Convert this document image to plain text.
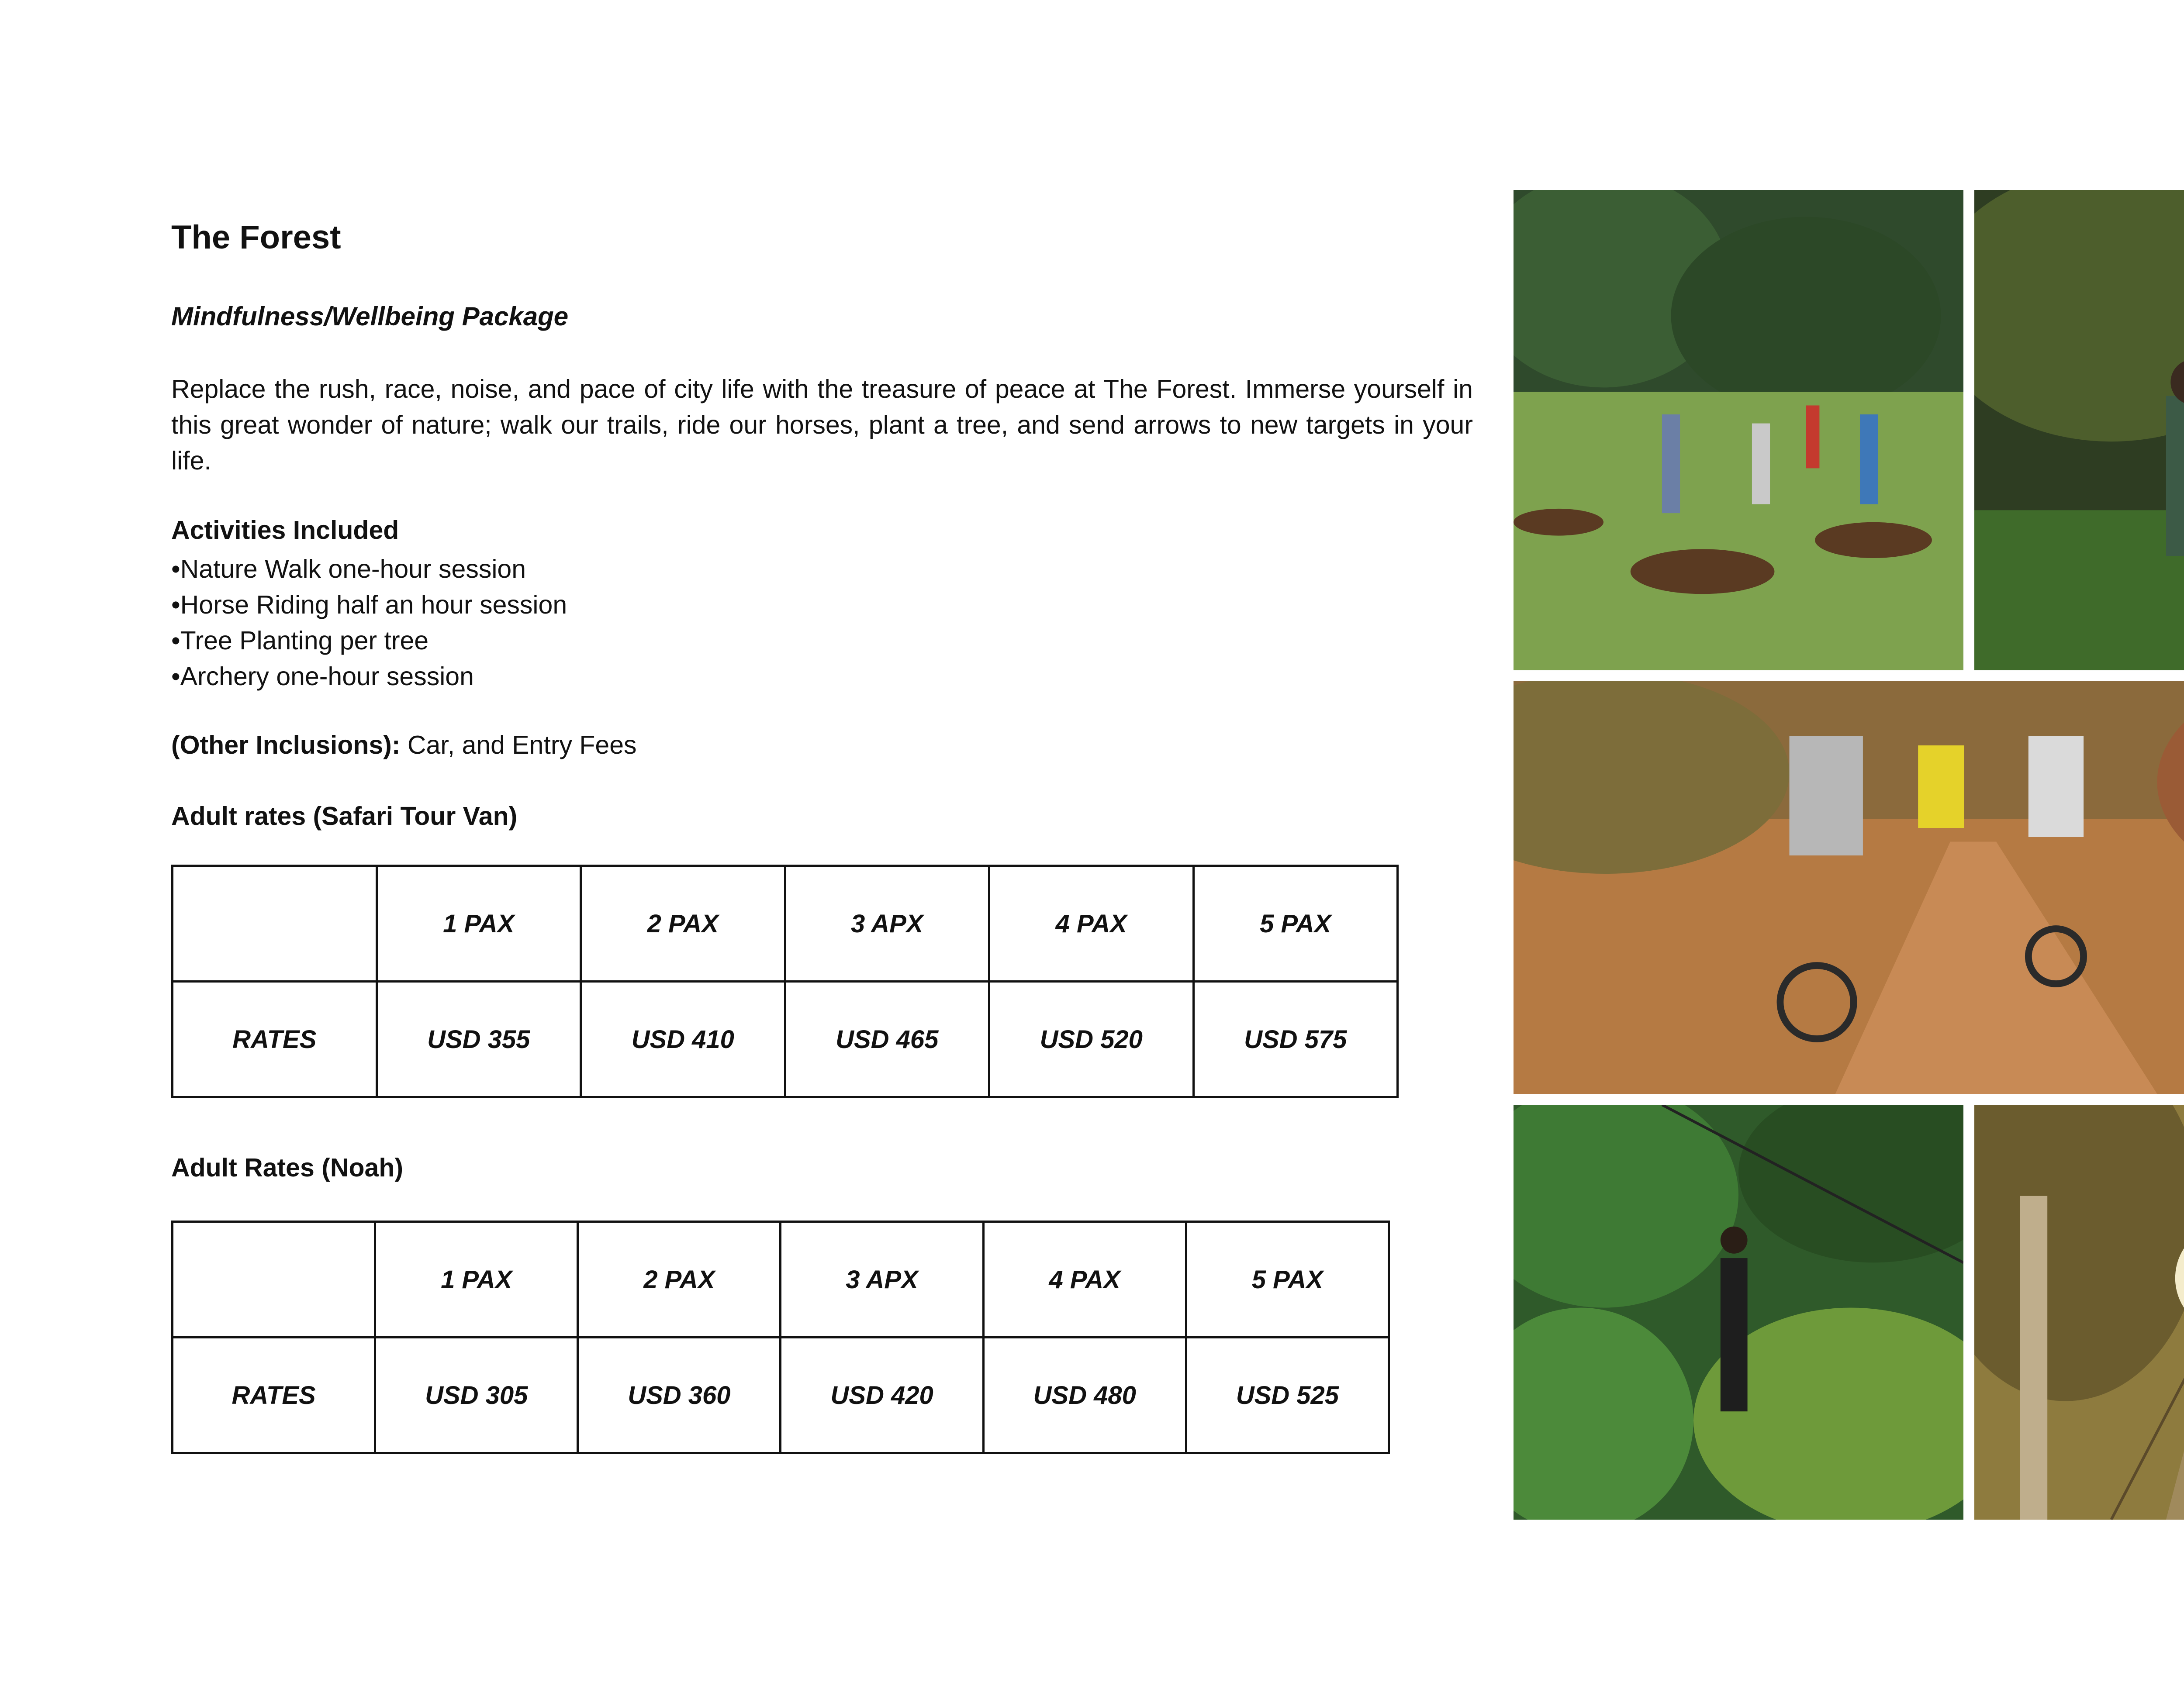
The Forest
Mindfulness/Wellbeing Package
Replace the rush, race, noise, and pace of city life with the treasure of peace at The Forest. Immerse yourself in this great wonder of nature; walk our trails, ride our horses, plant a tree, and send arrows to new targets in your life.
Activities Included
•Nature Walk one-hour session
•Horse Riding half an hour session
•Tree Planting per tree
•Archery one-hour session
(Other Inclusions): Car, and Entry Fees
Adult rates (Safari Tour Van)
	1 PAX	2 PAX	3 APX	4 PAX	5 PAX
RATES	USD 355	USD 410	USD 465	USD 520	USD 575
Adult Rates (Noah)
	1 PAX	2 PAX	3 APX	4 PAX	5 PAX
RATES	USD 305	USD 360	USD 420	USD 480	USD 525
